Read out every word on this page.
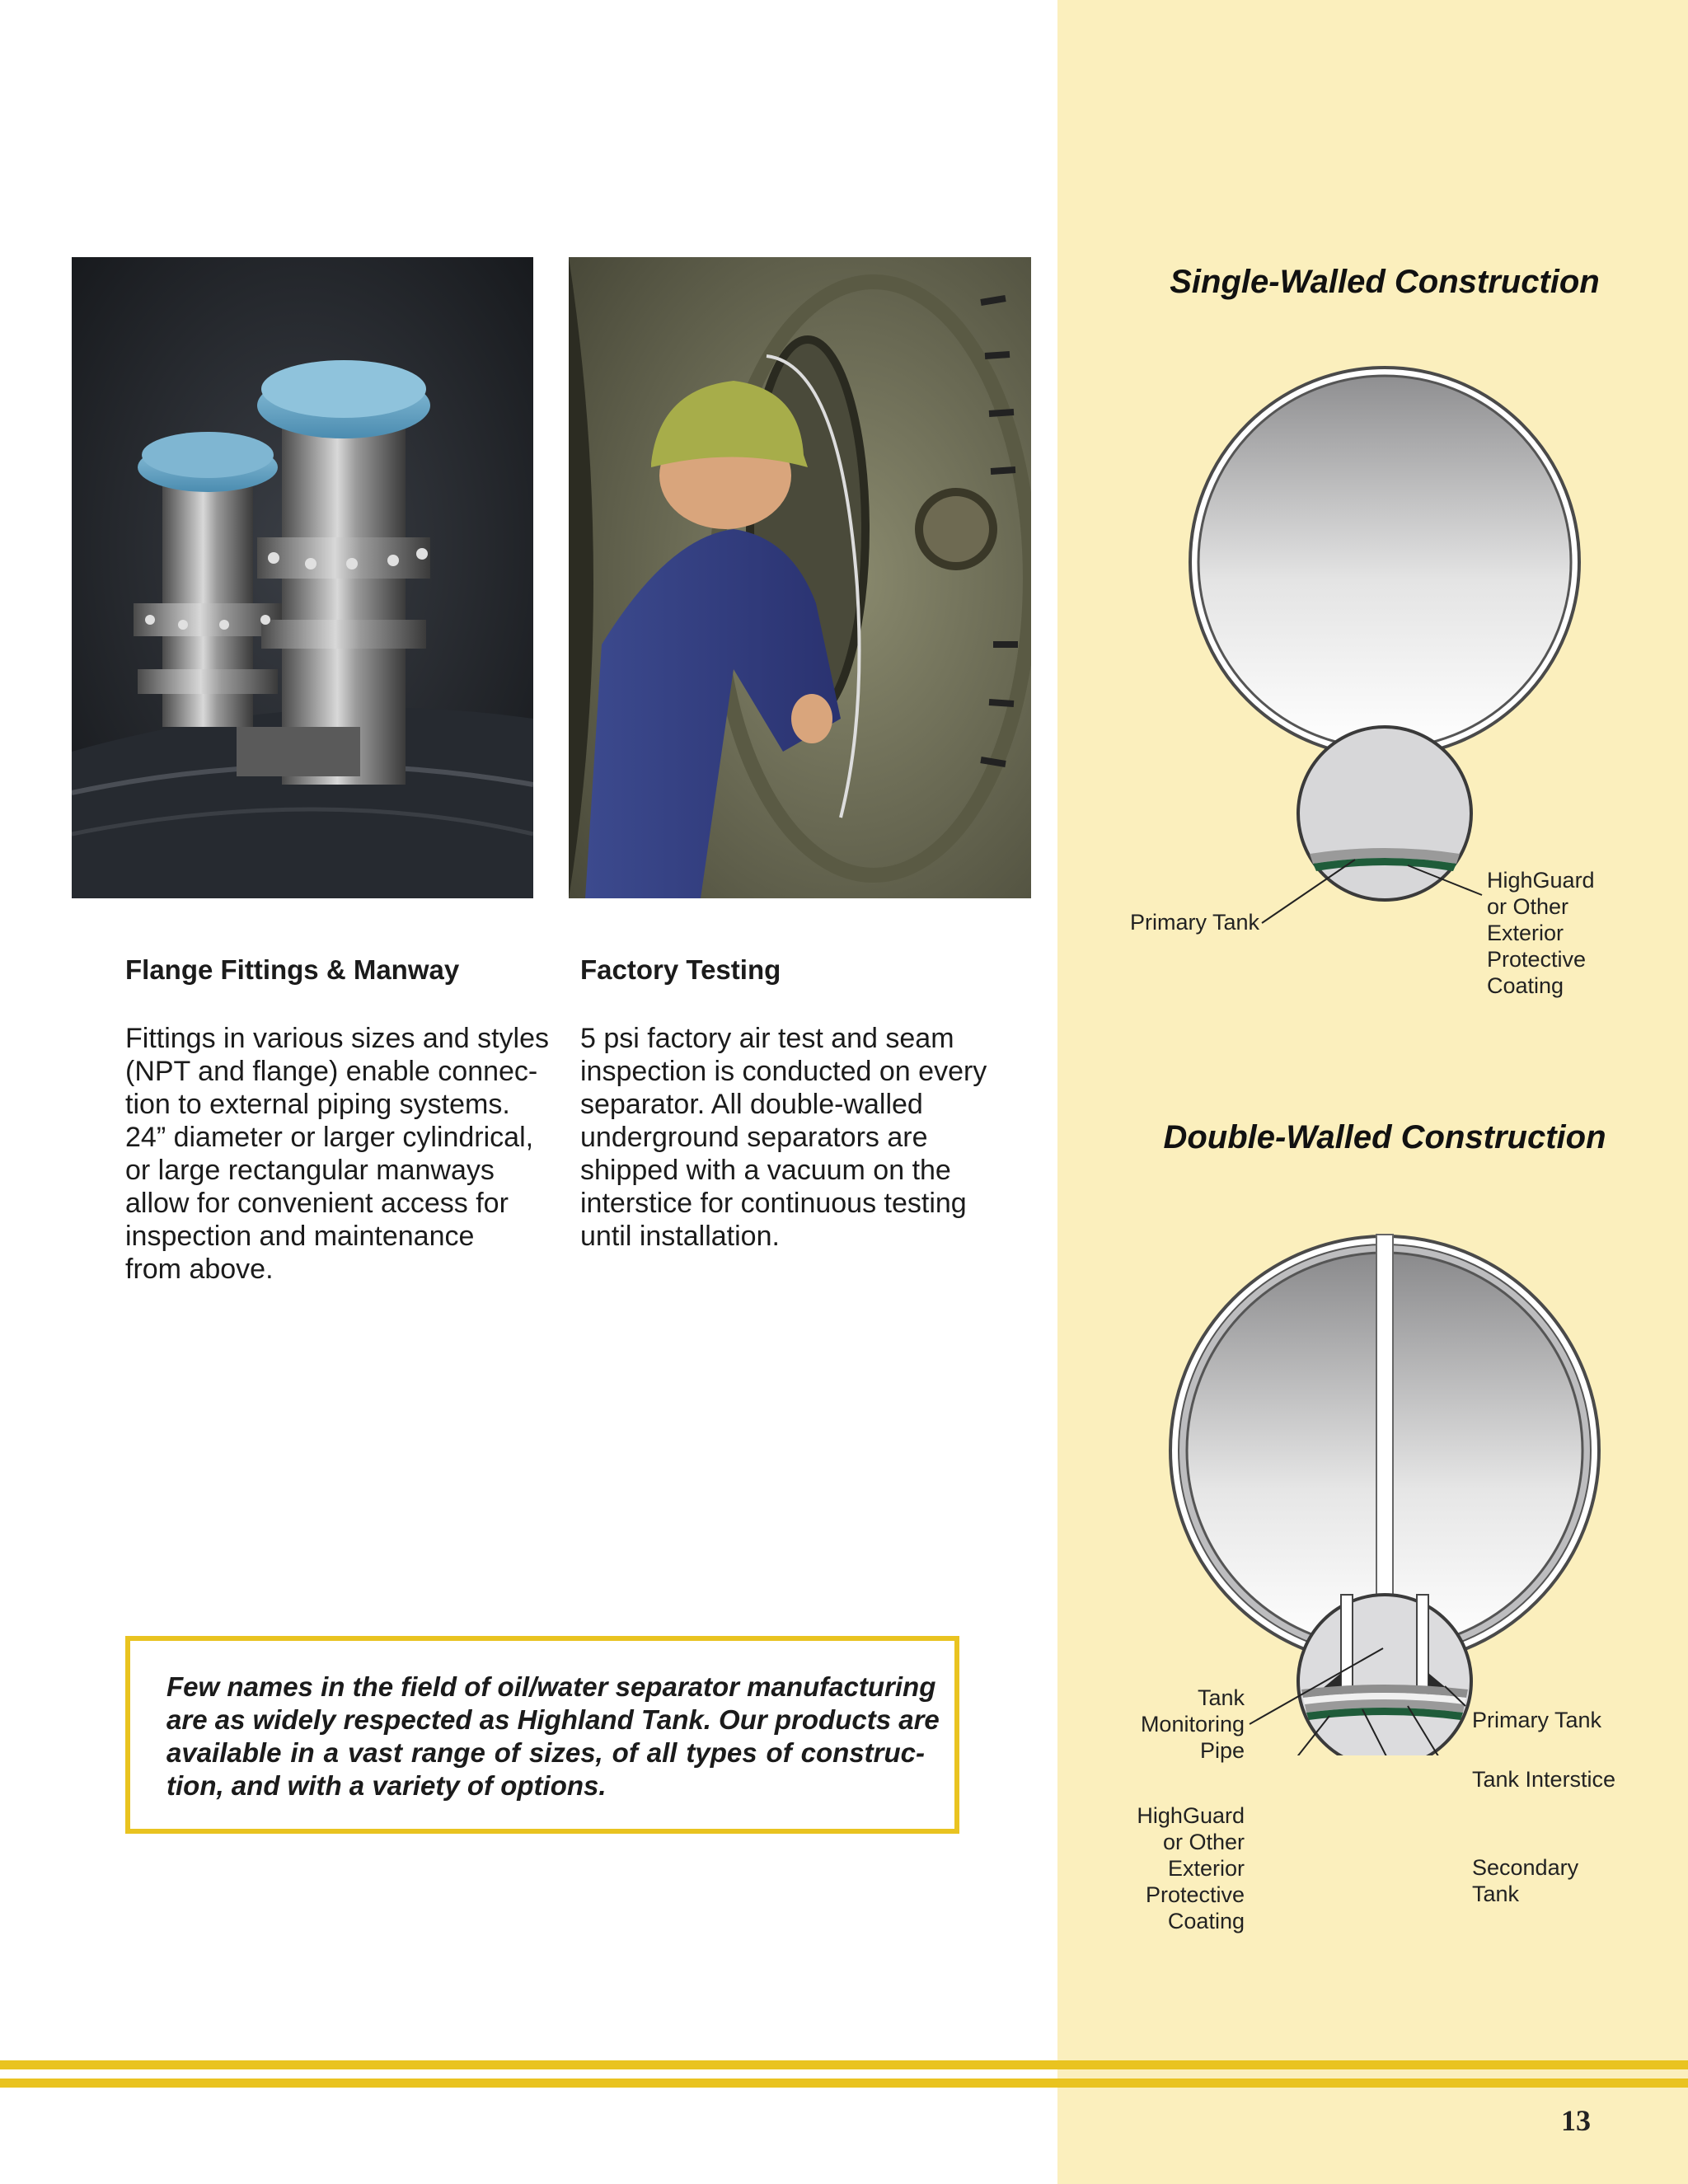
Flange Fittings & Manway
Fittings in various sizes and styles
(NPT and flange) enable connec-
tion to external piping systems.
24” diameter or larger cylindrical,
or large rectangular manways
allow for convenient access for
inspection and maintenance
from above.
Factory Testing
5 psi factory air test and seam
inspection is conducted on every
separator. All double-walled
underground separators are
shipped with a vacuum on the
interstice for continuous testing
until installation.

Few names in the field of oil/water separator manufacturing
are as widely respected as Highland Tank. Our products are
available in a vast range of sizes, of all types of construc-
tion, and with a variety of options.

Single-Walled Construction
Primary Tank
HighGuard
or Other
Exterior
Protective
Coating
Double-Walled Construction
Tank
Monitoring
Pipe
HighGuard
or Other
Exterior
Protective
Coating
Primary Tank
Tank Interstice
Secondary
Tank
13
